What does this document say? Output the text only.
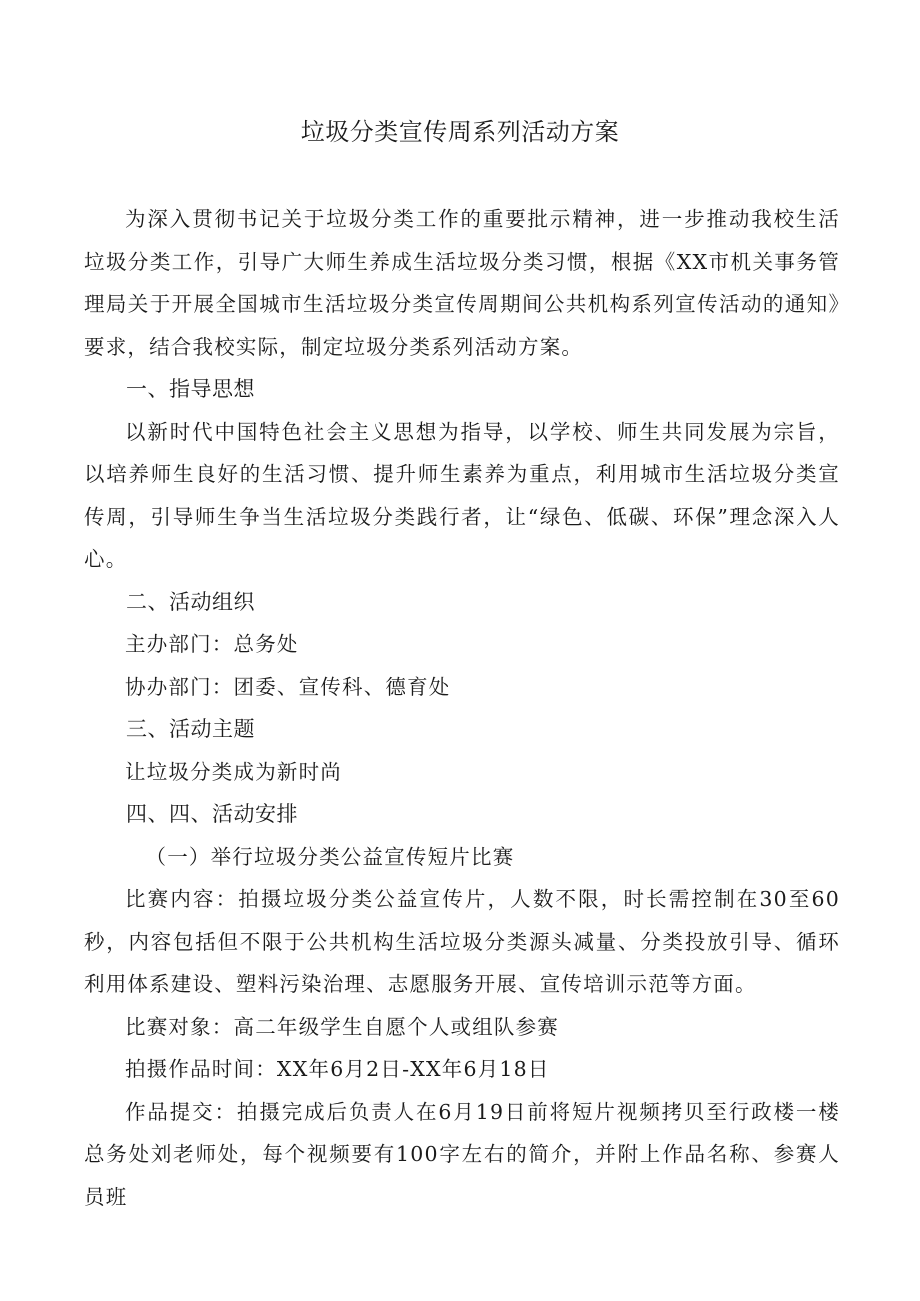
垃圾分类宣传周系列活动方案

为深入贯彻书记关于垃圾分类工作的重要批示精神，进一步推动我校生活垃圾分类工作，引导广大师生养成生活垃圾分类习惯，根据《XX市机关事务管理局关于开展全国城市生活垃圾分类宣传周期间公共机构系列宣传活动的通知》要求，结合我校实际，制定垃圾分类系列活动方案。

一、指导思想

以新时代中国特色社会主义思想为指导，以学校、师生共同发展为宗旨，以培养师生良好的生活习惯、提升师生素养为重点，利用城市生活垃圾分类宣传周，引导师生争当生活垃圾分类践行者，让“绿色、低碳、环保”理念深入人心。

二、活动组织

主办部门：总务处

协办部门：团委、宣传科、德育处

三、活动主题

让垃圾分类成为新时尚

四、四、活动安排

（一）举行垃圾分类公益宣传短片比赛

比赛内容：拍摄垃圾分类公益宣传片，人数不限，时长需控制在30至60秒，内容包括但不限于公共机构生活垃圾分类源头减量、分类投放引导、循环利用体系建设、塑料污染治理、志愿服务开展、宣传培训示范等方面。

比赛对象：高二年级学生自愿个人或组队参赛

拍摄作品时间：XX年6月2日-XX年6月18日

作品提交：拍摄完成后负责人在6月19日前将短片视频拷贝至行政楼一楼总务处刘老师处，每个视频要有100字左右的简介，并附上作品名称、参赛人员班
